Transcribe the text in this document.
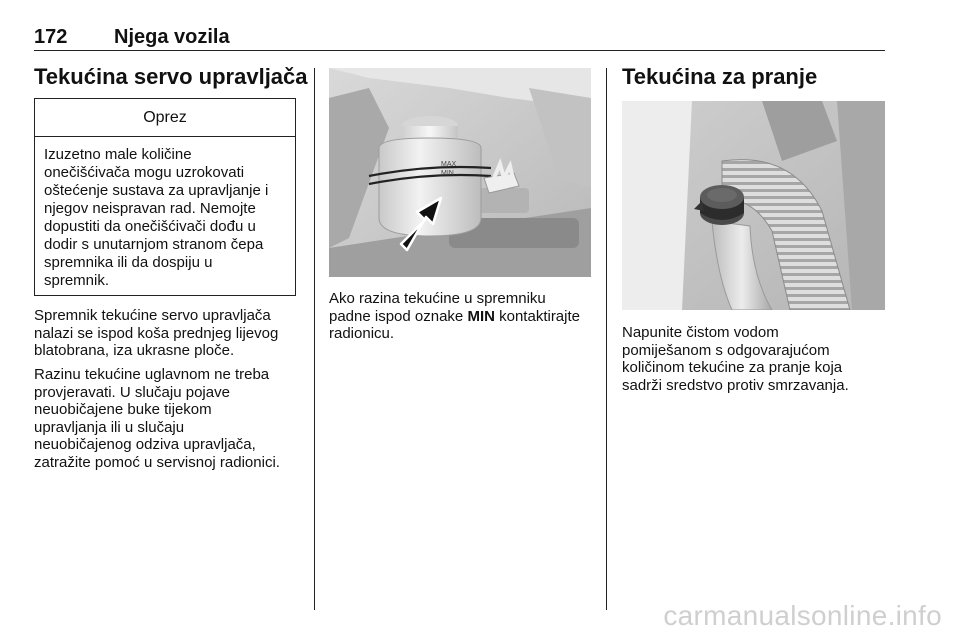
172 Njega vozila
Tekućina servo upravljača
Oprez

Izuzetno male količine
onečišćivača mogu uzrokovati
oštećenje sustava za upravljanje i
njegov neispravan rad. Nemojte
dopustiti da onečišćivači dođu u
dodir s unutarnjom stranom čepa
spremnika ili da dospiju u
spremnik.

Spremnik tekućine servo upravljača
nalazi se ispod koša prednjeg lijevog
blatobrana, iza ukrasne ploče.

Razinu tekućine uglavnom ne treba
provjeravati. U slučaju pojave
neuobičajene buke tijekom
upravljanja ili u slučaju
neuobičajenog odziva upravljača,
zatražite pomoć u servisnoj radionici.

MAX
MIN

Ako razina tekućine u spremniku
padne ispod oznake MIN kontaktirajte
radionicu.

Tekućina za pranje

Napunite čistom vodom
pomiješanom s odgovarajućom
količinom tekućine za pranje koja
sadrži sredstvo protiv smrzavanja.

carmanualsonline.info
